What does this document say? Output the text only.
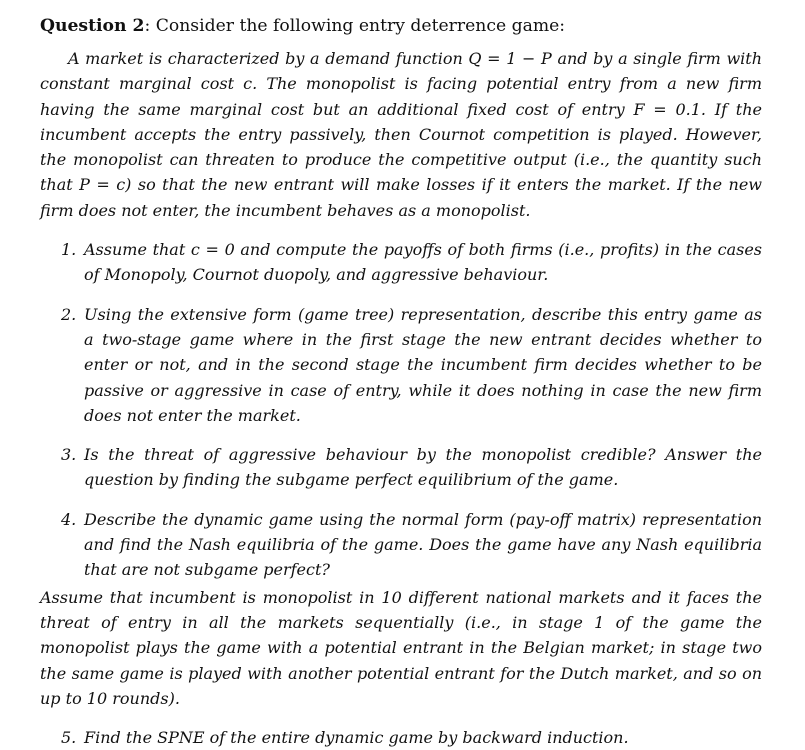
Question 2: Consider the following entry deterrence game:

A market is characterized by a demand function Q = 1 − P and by a single firm with constant marginal cost c. The monopolist is facing potential entry from a new firm having the same marginal cost but an additional fixed cost of entry F = 0.1. If the incumbent accepts the entry passively, then Cournot competition is played. However, the monopolist can threaten to produce the competitive output (i.e., the quantity such that P = c) so that the new entrant will make losses if it enters the market. If the new firm does not enter, the incumbent behaves as a monopolist.

1. Assume that c = 0 and compute the payoffs of both firms (i.e., profits) in the cases of Monopoly, Cournot duopoly, and aggressive behaviour.
2. Using the extensive form (game tree) representation, describe this entry game as a two-stage game where in the first stage the new entrant decides whether to enter or not, and in the second stage the incumbent firm decides whether to be passive or aggressive in case of entry, while it does nothing in case the new firm does not enter the market.
3. Is the threat of aggressive behaviour by the monopolist credible? Answer the question by finding the subgame perfect equilibrium of the game.
4. Describe the dynamic game using the normal form (pay-off matrix) representation and find the Nash equilibria of the game. Does the game have any Nash equilibria that are not subgame perfect?

Assume that incumbent is monopolist in 10 different national markets and it faces the threat of entry in all the markets sequentially (i.e., in stage 1 of the game the monopolist plays the game with a potential entrant in the Belgian market; in stage two the same game is played with another potential entrant for the Dutch market, and so on up to 10 rounds).

5. Find the SPNE of the entire dynamic game by backward induction.
